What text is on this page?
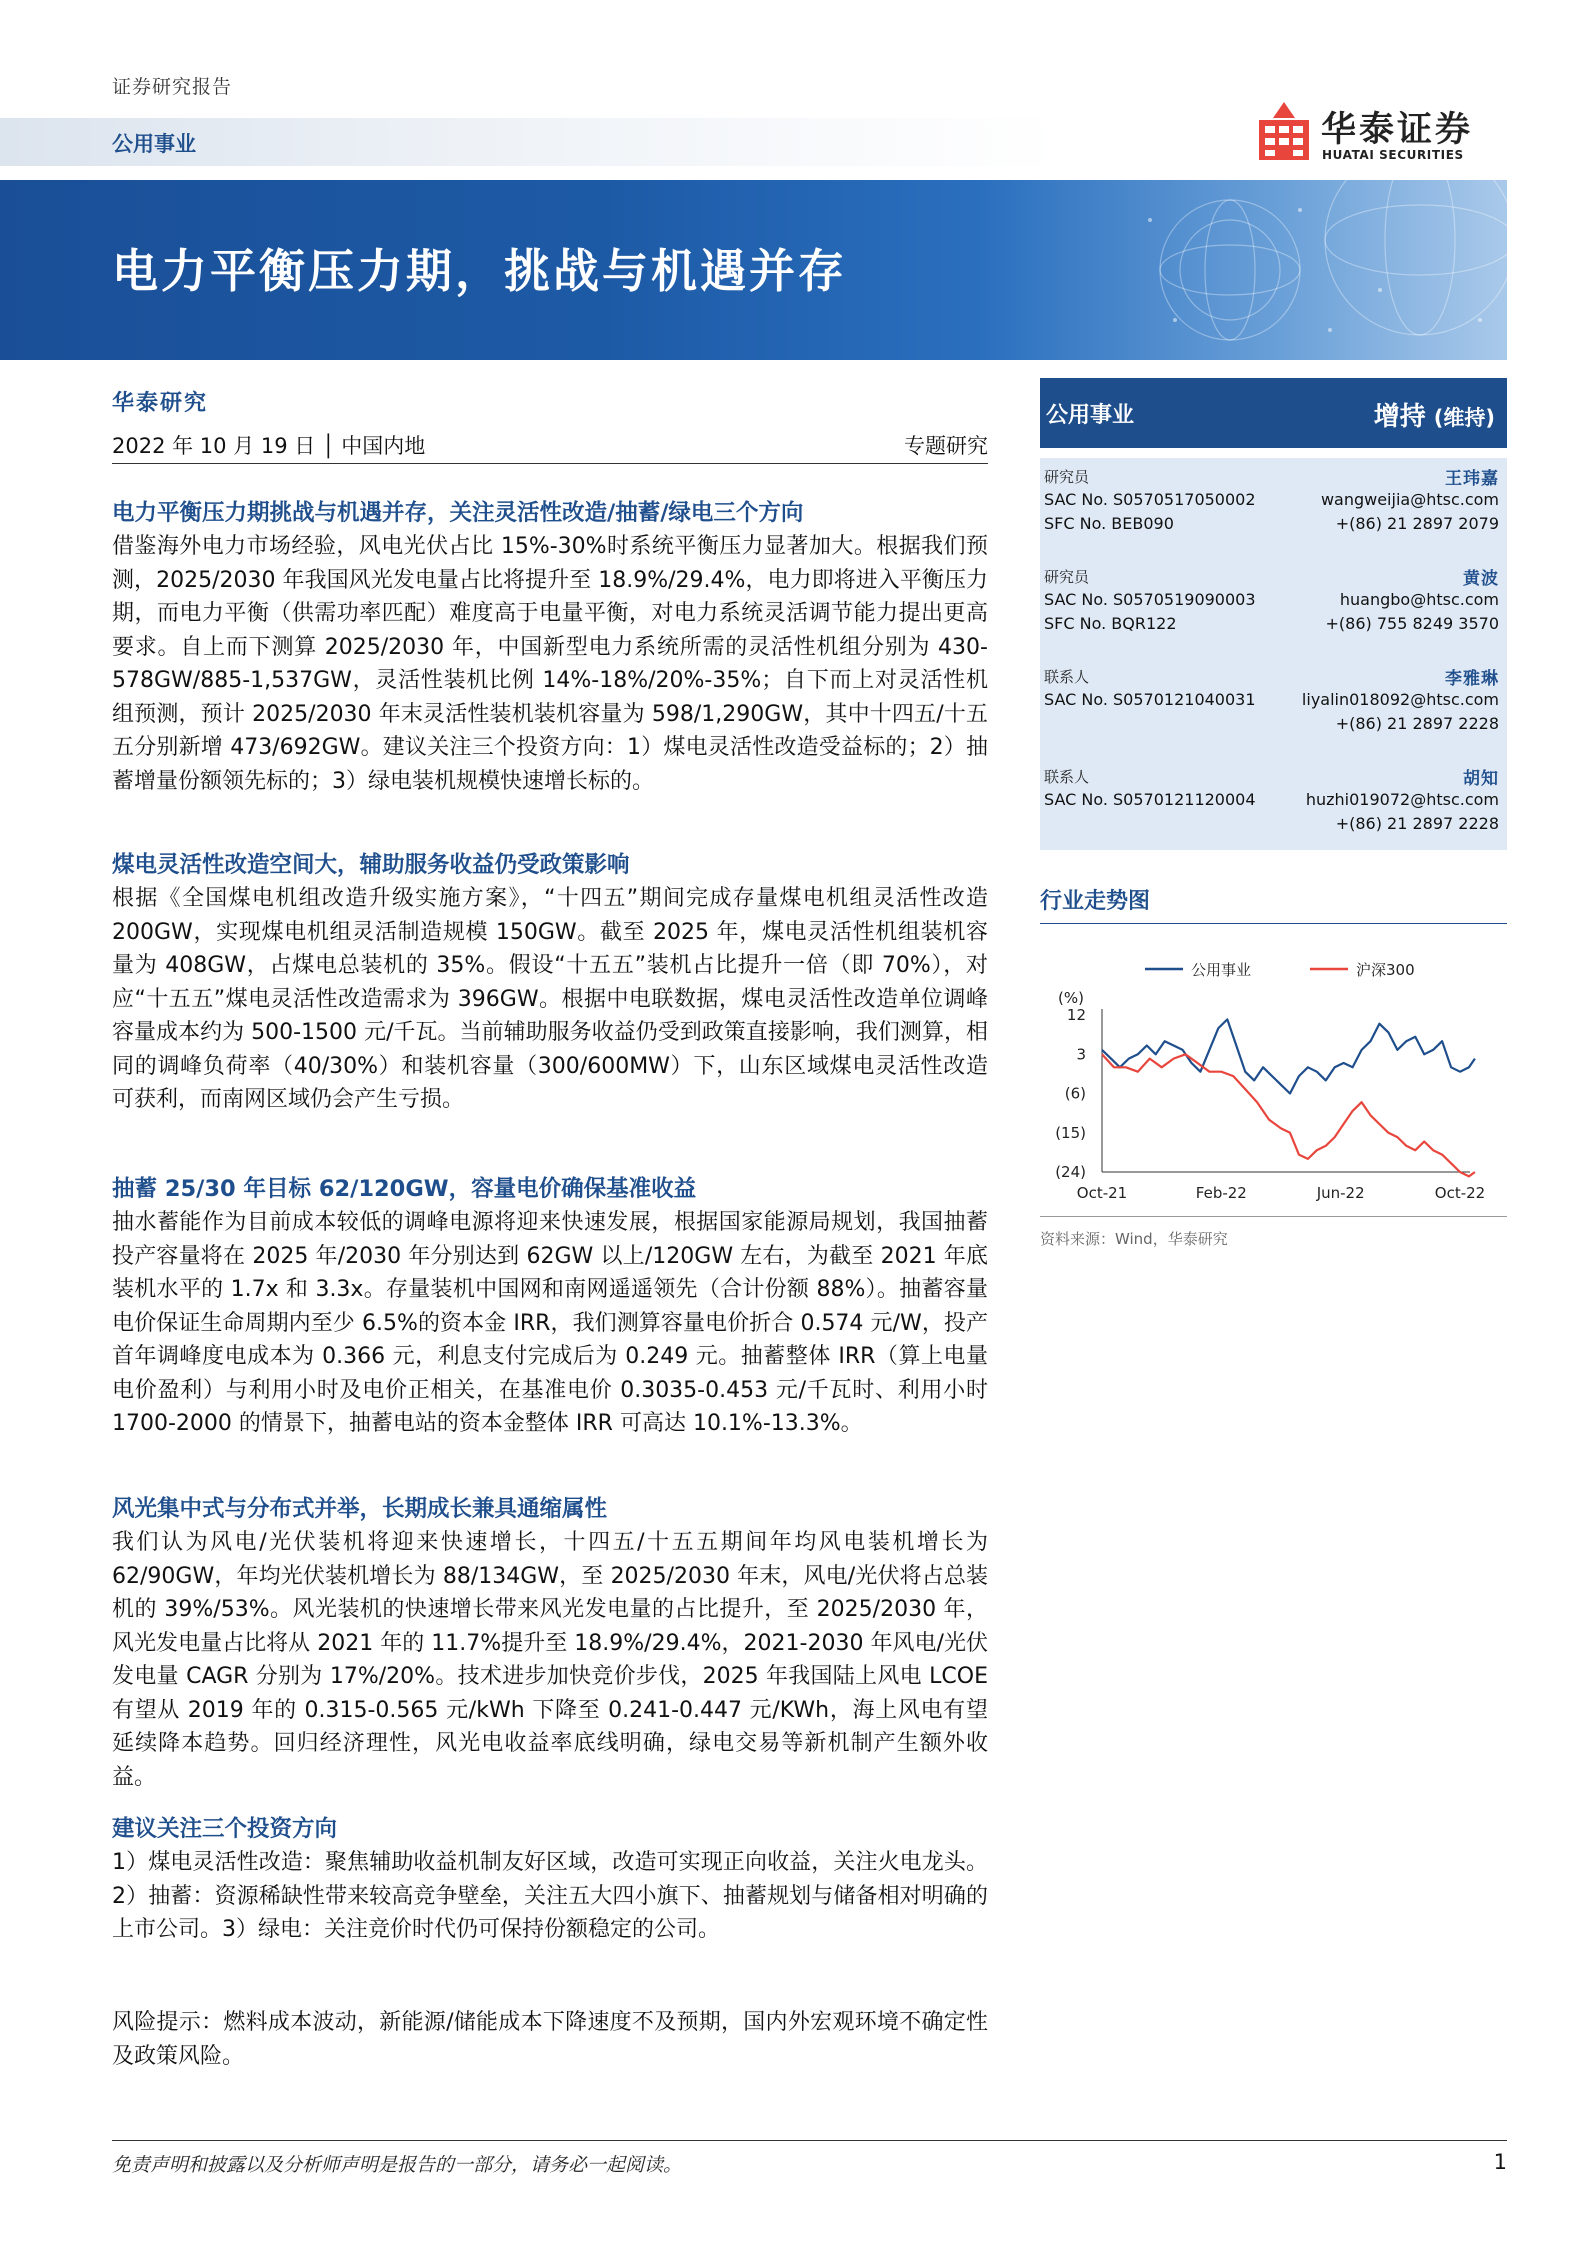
证券研究报告
公用事业	华泰证券
HUATAI SECURITIES
电力平衡压力期，挑战与机遇并存
华泰研究
2022 年 10 月 19 日 │ 中国内地	专题研究
电力平衡压力期挑战与机遇并存，关注灵活性改造/抽蓄/绿电三个方向

借鉴海外电力市场经验，风电光伏占比 15%-30%时系统平衡压力显著加大。根据我们预测，2025/2030 年我国风光发电量占比将提升至 18.9%/29.4%，电力即将进入平衡压力期，而电力平衡（供需功率匹配）难度高于电量平衡，对电力系统灵活调节能力提出更高要求。自上而下测算 2025/2030 年，中国新型电力系统所需的灵活性机组分别为 430-578GW/885-1,537GW，灵活性装机比例 14%-18%/20%-35%；自下而上对灵活性机组预测，预计 2025/2030 年末灵活性装机装机容量为 598/1,290GW，其中十四五/十五五分别新增 473/692GW。建议关注三个投资方向：1）煤电灵活性改造受益标的；2）抽蓄增量份额领先标的；3）绿电装机规模快速增长标的。

煤电灵活性改造空间大，辅助服务收益仍受政策影响

根据《全国煤电机组改造升级实施方案》，“十四五”期间完成存量煤电机组灵活性改造 200GW，实现煤电机组灵活制造规模 150GW。截至 2025 年，煤电灵活性机组装机容量为 408GW，占煤电总装机的 35%。假设“十五五”装机占比提升一倍（即 70%），对应“十五五”煤电灵活性改造需求为 396GW。根据中电联数据，煤电灵活性改造单位调峰容量成本约为 500-1500 元/千瓦。当前辅助服务收益仍受到政策直接影响，我们测算，相同的调峰负荷率（40/30%）和装机容量（300/600MW）下，山东区域煤电灵活性改造可获利，而南网区域仍会产生亏损。

抽蓄 25/30 年目标 62/120GW，容量电价确保基准收益

抽水蓄能作为目前成本较低的调峰电源将迎来快速发展，根据国家能源局规划，我国抽蓄投产容量将在 2025 年/2030 年分别达到 62GW 以上/120GW 左右，为截至 2021 年底装机水平的 1.7x 和 3.3x。存量装机中国网和南网遥遥领先（合计份额 88%）。抽蓄容量电价保证生命周期内至少 6.5%的资本金 IRR，我们测算容量电价折合 0.574 元/W，投产首年调峰度电成本为 0.366 元，利息支付完成后为 0.249 元。抽蓄整体 IRR（算上电量电价盈利）与利用小时及电价正相关，在基准电价 0.3035-0.453 元/千瓦时、利用小时 1700-2000 的情景下，抽蓄电站的资本金整体 IRR 可高达 10.1%-13.3%。

风光集中式与分布式并举，长期成长兼具通缩属性

我们认为风电/光伏装机将迎来快速增长，十四五/十五五期间年均风电装机增长为 62/90GW，年均光伏装机增长为 88/134GW，至 2025/2030 年末，风电/光伏将占总装机的 39%/53%。风光装机的快速增长带来风光发电量的占比提升，至 2025/2030 年，风光发电量占比将从 2021 年的 11.7%提升至 18.9%/29.4%，2021-2030 年风电/光伏发电量 CAGR 分别为 17%/20%。技术进步加快竞价步伐，2025 年我国陆上风电 LCOE 有望从 2019 年的 0.315-0.565 元/kWh 下降至 0.241-0.447 元/KWh，海上风电有望延续降本趋势。回归经济理性，风光电收益率底线明确，绿电交易等新机制产生额外收益。

建议关注三个投资方向

1）煤电灵活性改造：聚焦辅助收益机制友好区域，改造可实现正向收益，关注火电龙头。2）抽蓄：资源稀缺性带来较高竞争壁垒，关注五大四小旗下、抽蓄规划与储备相对明确的上市公司。3）绿电：关注竞价时代仍可保持份额稳定的公司。

风险提示：燃料成本波动，新能源/储能成本下降速度不及预期，国内外宏观环境不确定性及政策风险。

公用事业	增持 (维持)
研究员	王玮嘉
SAC No. S0570517050002	wangweijia@htsc.com
SFC No. BEB090	+(86) 21 2897 2079
研究员	黄波
SAC No. S0570519090003	huangbo@htsc.com
SFC No. BQR122	+(86) 755 8249 3570
联系人	李雅琳
SAC No. S0570121040031	liyalin018092@htsc.com
+(86) 21 2897 2228
联系人	胡知
SAC No. S0570121120004	huzhi019072@htsc.com
+(86) 21 2897 2228
行业走势图
公用事业	沪深300
(%)
12
3
(6)
(15)
(24)
Oct-21	Feb-22	Jun-22	Oct-22
资料来源：Wind，华泰研究
免责声明和披露以及分析师声明是报告的一部分，请务必一起阅读。	1
